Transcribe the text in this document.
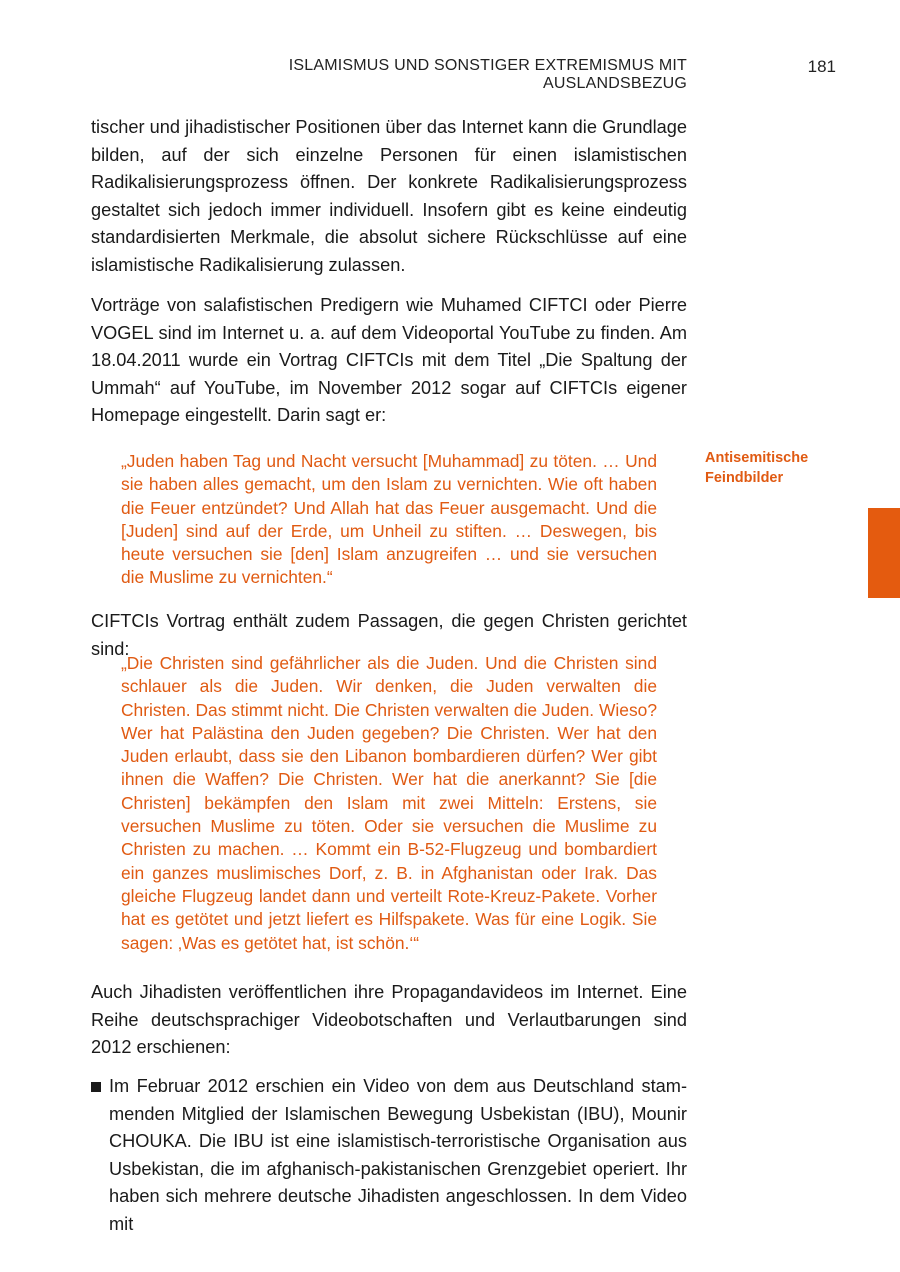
ISLAMISMUS UND SONSTIGER EXTREMISMUS MIT AUSLANDSBEZUG
181

tischer und jihadistischer Positionen über das Internet kann die Grundlage bilden, auf der sich einzelne Personen für einen islamistischen Radikalisierungsprozess öffnen. Der konkrete Radikalisierungsprozess gestaltet sich jedoch immer individuell. Insofern gibt es keine eindeutig standardisierten Merkmale, die absolut sichere Rückschlüsse auf eine islamistische Radikalisierung zulassen.

Vorträge von salafistischen Predigern wie Muhamed CIFTCI oder Pierre VOGEL sind im Internet u. a. auf dem Videoportal YouTube zu finden. Am 18.04.2011 wurde ein Vortrag CIFTCIs mit dem Titel „Die Spaltung der Ummah“ auf YouTube, im November 2012 sogar auf CIFTCIs eigener Homepage eingestellt. Darin sagt er:

„Juden haben Tag und Nacht versucht [Muhammad] zu töten. … Und sie haben alles gemacht, um den Islam zu vernichten. Wie oft haben die Feuer entzündet? Und Allah hat das Feuer ausgemacht. Und die [Juden] sind auf der Erde, um Unheil zu stiften. … Deswegen, bis heute versuchen sie [den] Islam anzugreifen … und sie versuchen die Muslime zu vernichten.“

CIFTCIs Vortrag enthält zudem Passagen, die gegen Christen gerichtet sind:

„Die Christen sind gefährlicher als die Juden. Und die Christen sind schlauer als die Juden. Wir denken, die Juden verwalten die Christen. Das stimmt nicht. Die Christen verwalten die Juden. Wieso? Wer hat Palästina den Juden gegeben? Die Christen. Wer hat den Juden erlaubt, dass sie den Libanon bombardieren dürfen? Wer gibt ihnen die Waffen? Die Christen. Wer hat die anerkannt? Sie [die Christen] bekämpfen den Islam mit zwei Mitteln: Erstens, sie versuchen Muslime zu töten. Oder sie versuchen die Muslime zu Christen zu machen. … Kommt ein B-52-Flugzeug und bombardiert ein ganzes muslimisches Dorf, z. B. in Afghanistan oder Irak. Das gleiche Flugzeug landet dann und verteilt Rote-Kreuz-Pakete. Vorher hat es getötet und jetzt liefert es Hilfspakete. Was für eine Logik. Sie sagen: ‚Was es getötet hat, ist schön.‘“

Auch Jihadisten veröffentlichen ihre Propagandavideos im Internet. Eine Reihe deutschsprachiger Videobotschaften und Verlautbarungen sind 2012 erschienen:

Im Februar 2012 erschien ein Video von dem aus Deutschland stammenden Mitglied der Islamischen Bewegung Usbekistan (IBU), Mounir CHOUKA. Die IBU ist eine islamistisch-terroristische Organisation aus Usbekistan, die im afghanisch-pakistanischen Grenzgebiet operiert. Ihr haben sich mehrere deutsche Jihadisten angeschlossen. In dem Video mit

Antisemitische Feindbilder
